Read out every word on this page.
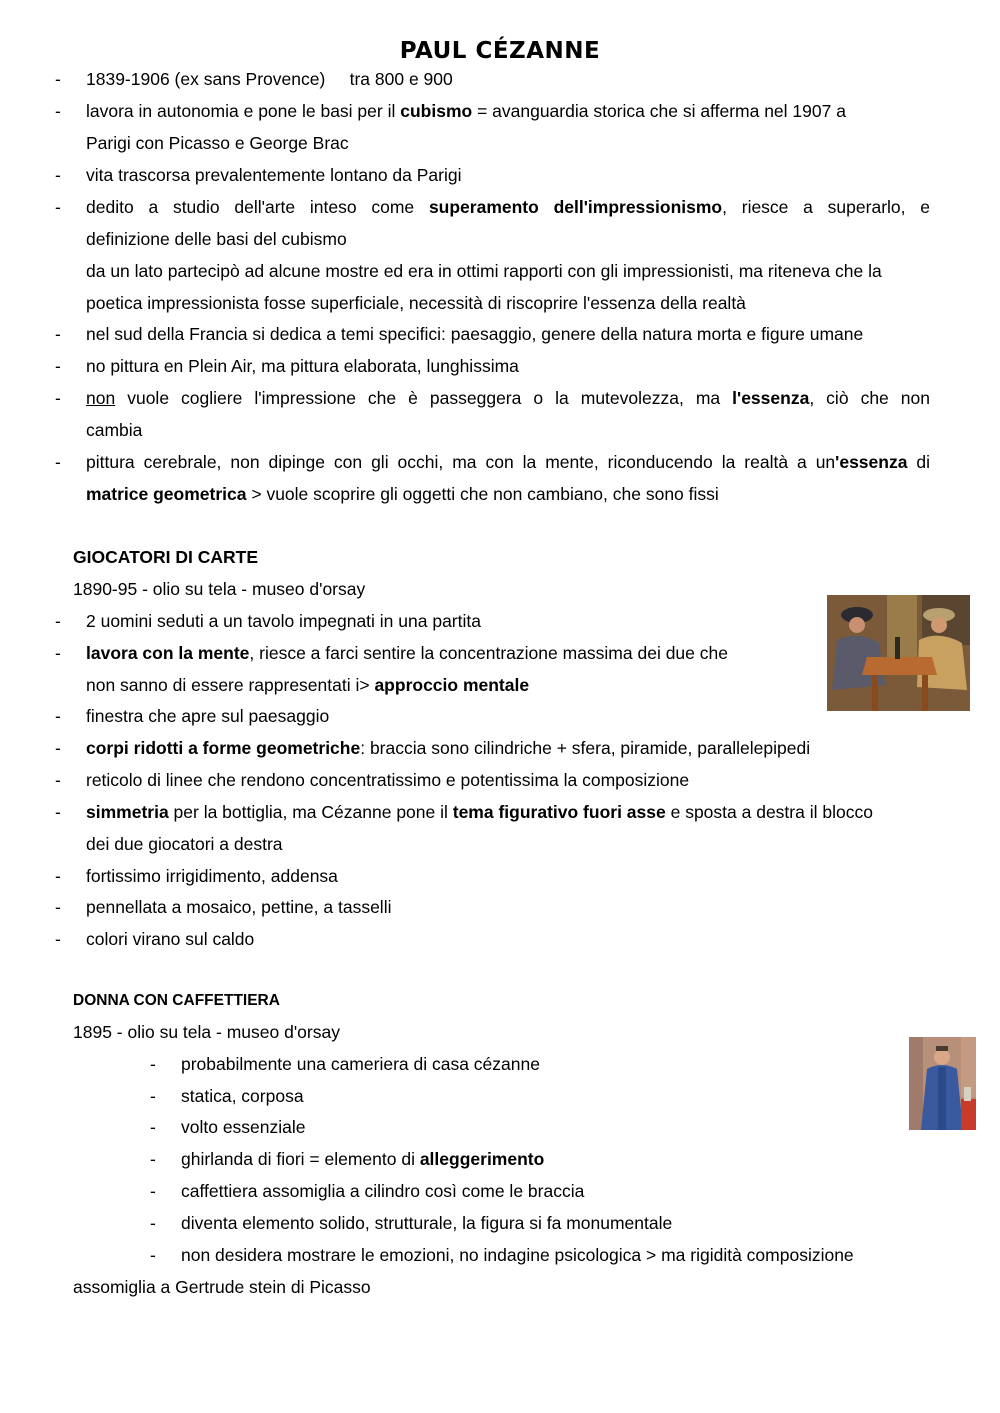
PAUL CÉZANNE
- 1839-1906 (ex sans Provence)     tra 800 e 900
- lavora in autonomia e pone le basi per il cubismo = avanguardia storica che si afferma nel 1907 a
Parigi con Picasso e George Brac
- vita trascorsa prevalentemente lontano da Parigi
- dedito a studio dell'arte inteso come superamento dell'impressionismo, riesce a superarlo, e
definizione delle basi del cubismo
da un lato partecipò ad alcune mostre ed era in ottimi rapporti con gli impressionisti, ma riteneva che la
poetica impressionista fosse superficiale, necessità di riscoprire l'essenza della realtà
- nel sud della Francia si dedica a temi specifici: paesaggio, genere della natura morta e figure umane
- no pittura en Plein Air, ma pittura elaborata, lunghissima
- non vuole cogliere l'impressione che è passeggera o la mutevolezza, ma l'essenza, ciò che non
cambia
- pittura cerebrale, non dipinge con gli occhi, ma con la mente, riconducendo la realtà a un'essenza di
matrice geometrica > vuole scoprire gli oggetti che non cambiano, che sono fissi
GIOCATORI DI CARTE
1890-95 - olio su tela - museo d'orsay
- 2 uomini seduti a un tavolo impegnati in una partita
- lavora con la mente, riesce a farci sentire la concentrazione massima dei due che
non sanno di essere rappresentati i> approccio mentale
- finestra che apre sul paesaggio
- corpi ridotti a forme geometriche: braccia sono cilindriche + sfera, piramide, parallelepipedi
- reticolo di linee che rendono concentratissimo e potentissima la composizione
- simmetria per la bottiglia, ma Cézanne pone il tema figurativo fuori asse e sposta a destra il blocco
dei due giocatori a destra
- fortissimo irrigidimento, addensa
- pennellata a mosaico, pettine, a tasselli
- colori virano sul caldo
DONNA CON CAFFETTIERA
1895 - olio su tela - museo d'orsay
- probabilmente una cameriera di casa cézanne
- statica, corposa
- volto essenziale
- ghirlanda di fiori = elemento di alleggerimento
- caffettiera assomiglia a cilindro così come le braccia
- diventa elemento solido, strutturale, la figura si fa monumentale
- non desidera mostrare le emozioni, no indagine psicologica > ma rigidità composizione
assomiglia a Gertrude stein di Picasso
